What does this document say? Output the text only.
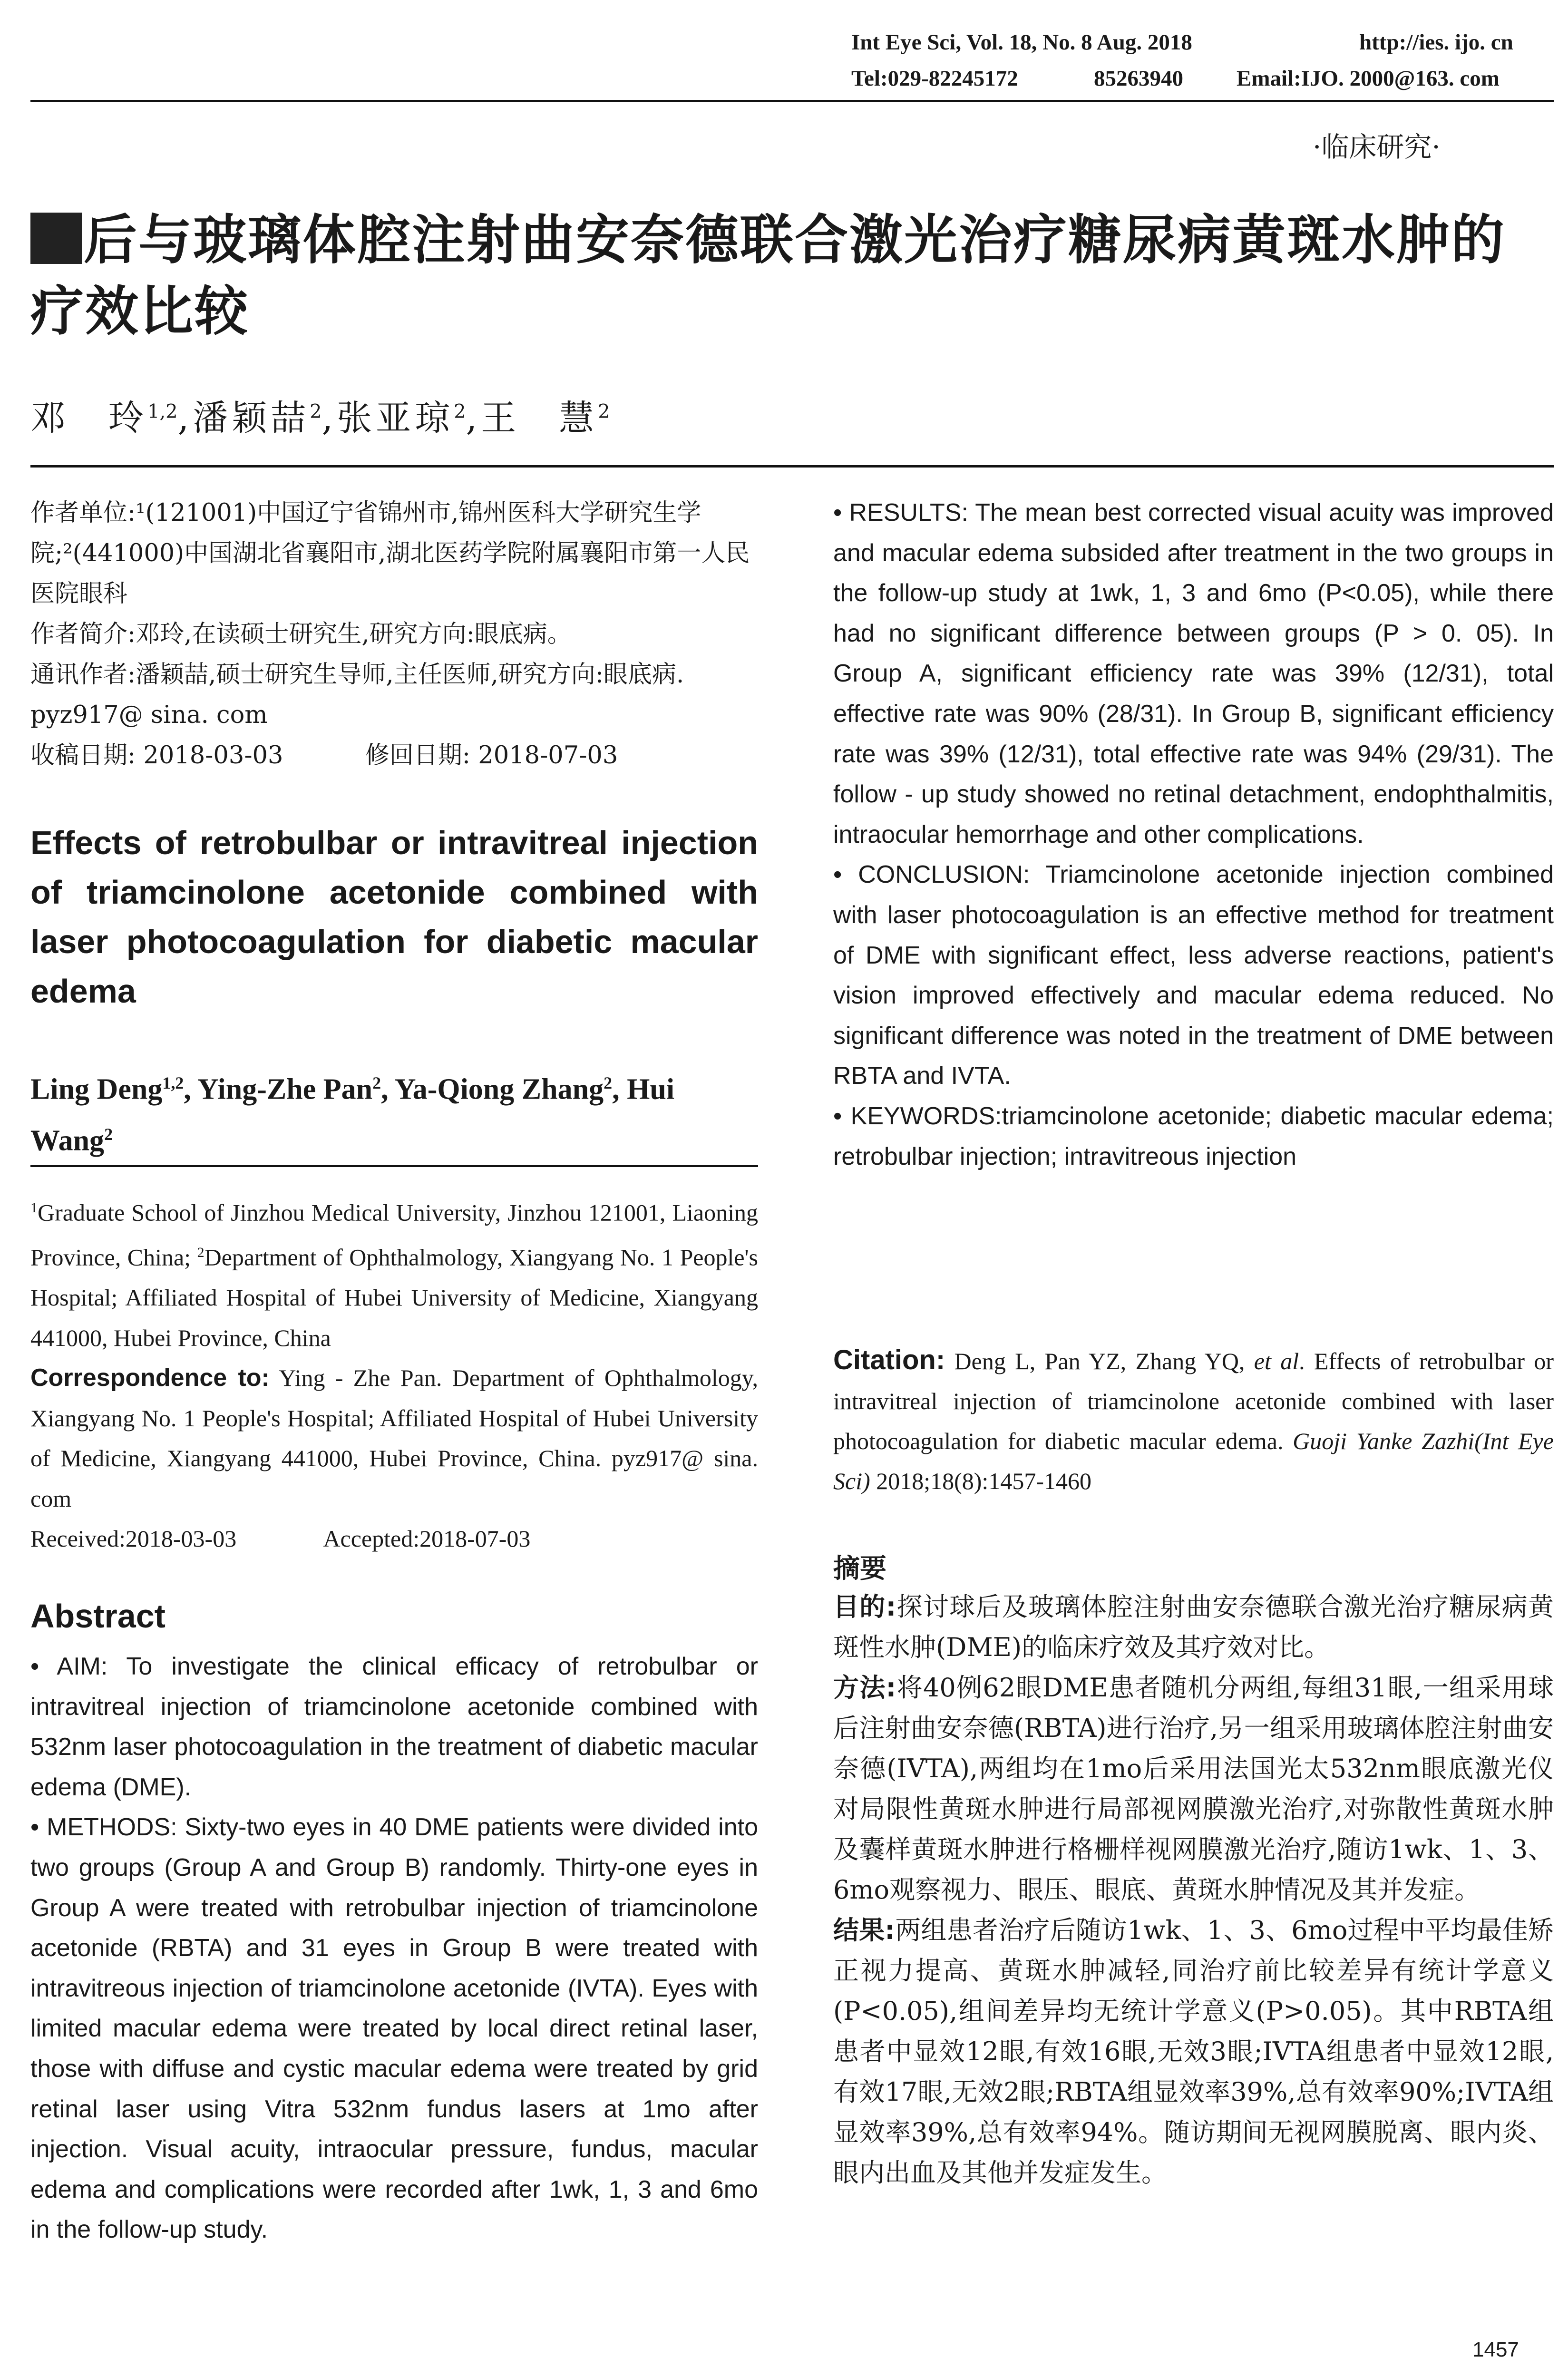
Int Eye Sci, Vol. 18, No. 8 Aug. 2018	http://ies. ijo. cn
Tel:029-82245172	85263940 Email:IJO. 2000@163. com
·临床研究·
后与玻璃体腔注射曲安奈德联合激光治疗糖尿病黄斑水肿的疗效比较
邓　玲$^{1,2}$,潘颖喆$^2$,张亚琼$^2$,王　慧$^2$
作者单位:¹(121001)中国辽宁省锦州市,锦州医科大学研究生学院;²(441000)中国湖北省襄阳市,湖北医药学院附属襄阳市第一人民医院眼科
作者简介:邓玲,在读硕士研究生,研究方向:眼底病。
通讯作者:潘颖喆,硕士研究生导师,主任医师,研究方向:眼底病. pyz917@ sina. com
收稿日期: 2018-03-03	修回日期: 2018-07-03
Effects of retrobulbar or intravitreal injection of triamcinolone acetonide combined with laser photocoagulation for diabetic macular edema
Ling Deng$^{1,2}$, Ying-Zhe Pan$^2$, Ya-Qiong Zhang$^2$, Hui Wang$^2$
$^1$Graduate School of Jinzhou Medical University, Jinzhou 121001, Liaoning Province, China; $^2$Department of Ophthalmology, Xiangyang No. 1 People's Hospital; Affiliated Hospital of Hubei University of Medicine, Xiangyang 441000, Hubei Province, China
Correspondence to: Ying - Zhe Pan. Department of Ophthalmology, Xiangyang No. 1 People's Hospital; Affiliated Hospital of Hubei University of Medicine, Xiangyang 441000, Hubei Province, China. pyz917@ sina. com
Received:2018-03-03	Accepted:2018-07-03
Abstract

• AIM: To investigate the clinical efficacy of retrobulbar or intravitreal injection of triamcinolone acetonide combined with 532nm laser photocoagulation in the treatment of diabetic macular edema (DME).

• METHODS: Sixty-two eyes in 40 DME patients were divided into two groups (Group A and Group B) randomly. Thirty-one eyes in Group A were treated with retrobulbar injection of triamcinolone acetonide (RBTA) and 31 eyes in Group B were treated with intravitreous injection of triamcinolone acetonide (IVTA). Eyes with limited macular edema were treated by local direct retinal laser, those with diffuse and cystic macular edema were treated by grid retinal laser using Vitra 532nm fundus lasers at 1mo after injection. Visual acuity, intraocular pressure, fundus, macular edema and complications were recorded after 1wk, 1, 3 and 6mo in the follow-up study.

• RESULTS: The mean best corrected visual acuity was improved and macular edema subsided after treatment in the two groups in the follow-up study at 1wk, 1, 3 and 6mo (P<0.05), while there had no significant difference between groups (P > 0. 05). In Group A, significant efficiency rate was 39% (12/31), total effective rate was 90% (28/31). In Group B, significant efficiency rate was 39% (12/31), total effective rate was 94% (29/31). The follow - up study showed no retinal detachment, endophthalmitis, intraocular hemorrhage and other complications.

• CONCLUSION: Triamcinolone acetonide injection combined with laser photocoagulation is an effective method for treatment of DME with significant effect, less adverse reactions, patient's vision improved effectively and macular edema reduced. No significant difference was noted in the treatment of DME between RBTA and IVTA.

• KEYWORDS:triamcinolone acetonide; diabetic macular edema; retrobulbar injection; intravitreous injection

Citation: Deng L, Pan YZ, Zhang YQ, et al. Effects of retrobulbar or intravitreal injection of triamcinolone acetonide combined with laser photocoagulation for diabetic macular edema. Guoji Yanke Zazhi(Int Eye Sci) 2018;18(8):1457-1460
摘要

目的:探讨球后及玻璃体腔注射曲安奈德联合激光治疗糖尿病黄斑性水肿(DME)的临床疗效及其疗效对比。

方法:将40例62眼DME患者随机分两组,每组31眼,一组采用球后注射曲安奈德(RBTA)进行治疗,另一组采用玻璃体腔注射曲安奈德(IVTA),两组均在1mo后采用法国光太532nm眼底激光仪对局限性黄斑水肿进行局部视网膜激光治疗,对弥散性黄斑水肿及囊样黄斑水肿进行格栅样视网膜激光治疗,随访1wk、1、3、6mo观察视力、眼压、眼底、黄斑水肿情况及其并发症。

结果:两组患者治疗后随访1wk、1、3、6mo过程中平均最佳矫正视力提高、黄斑水肿减轻,同治疗前比较差异有统计学意义(P<0.05),组间差异均无统计学意义(P>0.05)。其中RBTA组患者中显效12眼,有效16眼,无效3眼;IVTA组患者中显效12眼,有效17眼,无效2眼;RBTA组显效率39%,总有效率90%;IVTA组显效率39%,总有效率94%。随访期间无视网膜脱离、眼内炎、眼内出血及其他并发症发生。

1457
